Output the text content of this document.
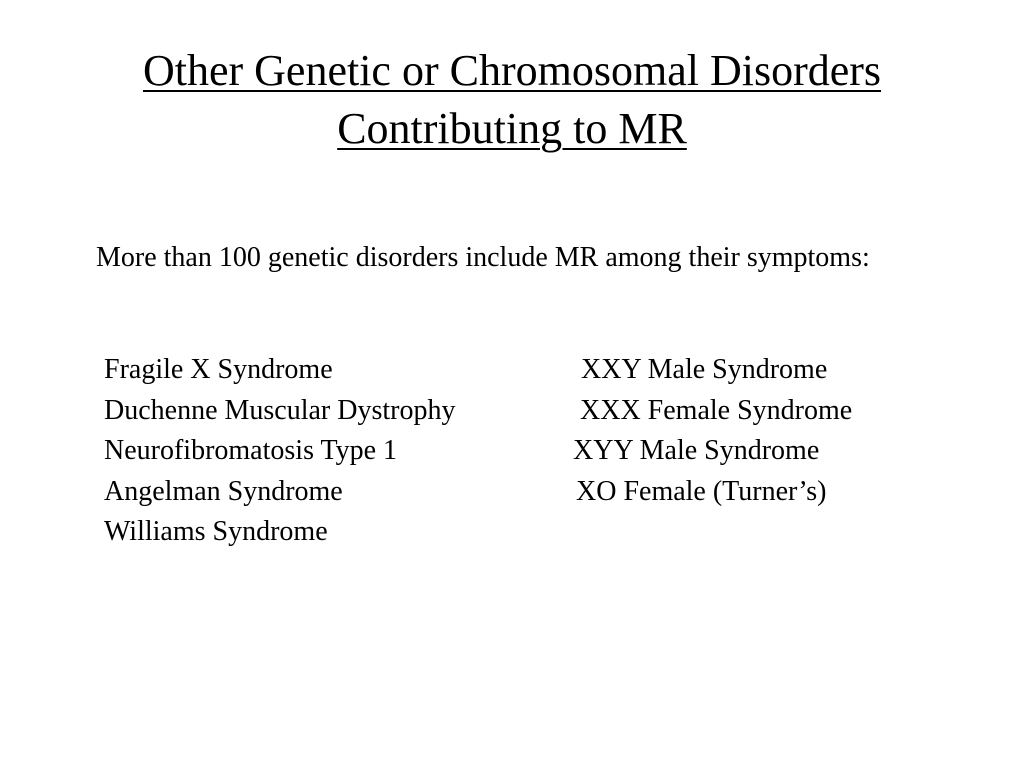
Other Genetic or Chromosomal Disorders
Contributing to MR
More than 100 genetic disorders include MR among their symptoms:
Fragile X Syndrome
Duchenne Muscular Dystrophy
Neurofibromatosis Type 1
Angelman Syndrome
Williams Syndrome
XXY Male Syndrome
XXX Female Syndrome
XYY Male Syndrome
XO Female (Turner’s)
